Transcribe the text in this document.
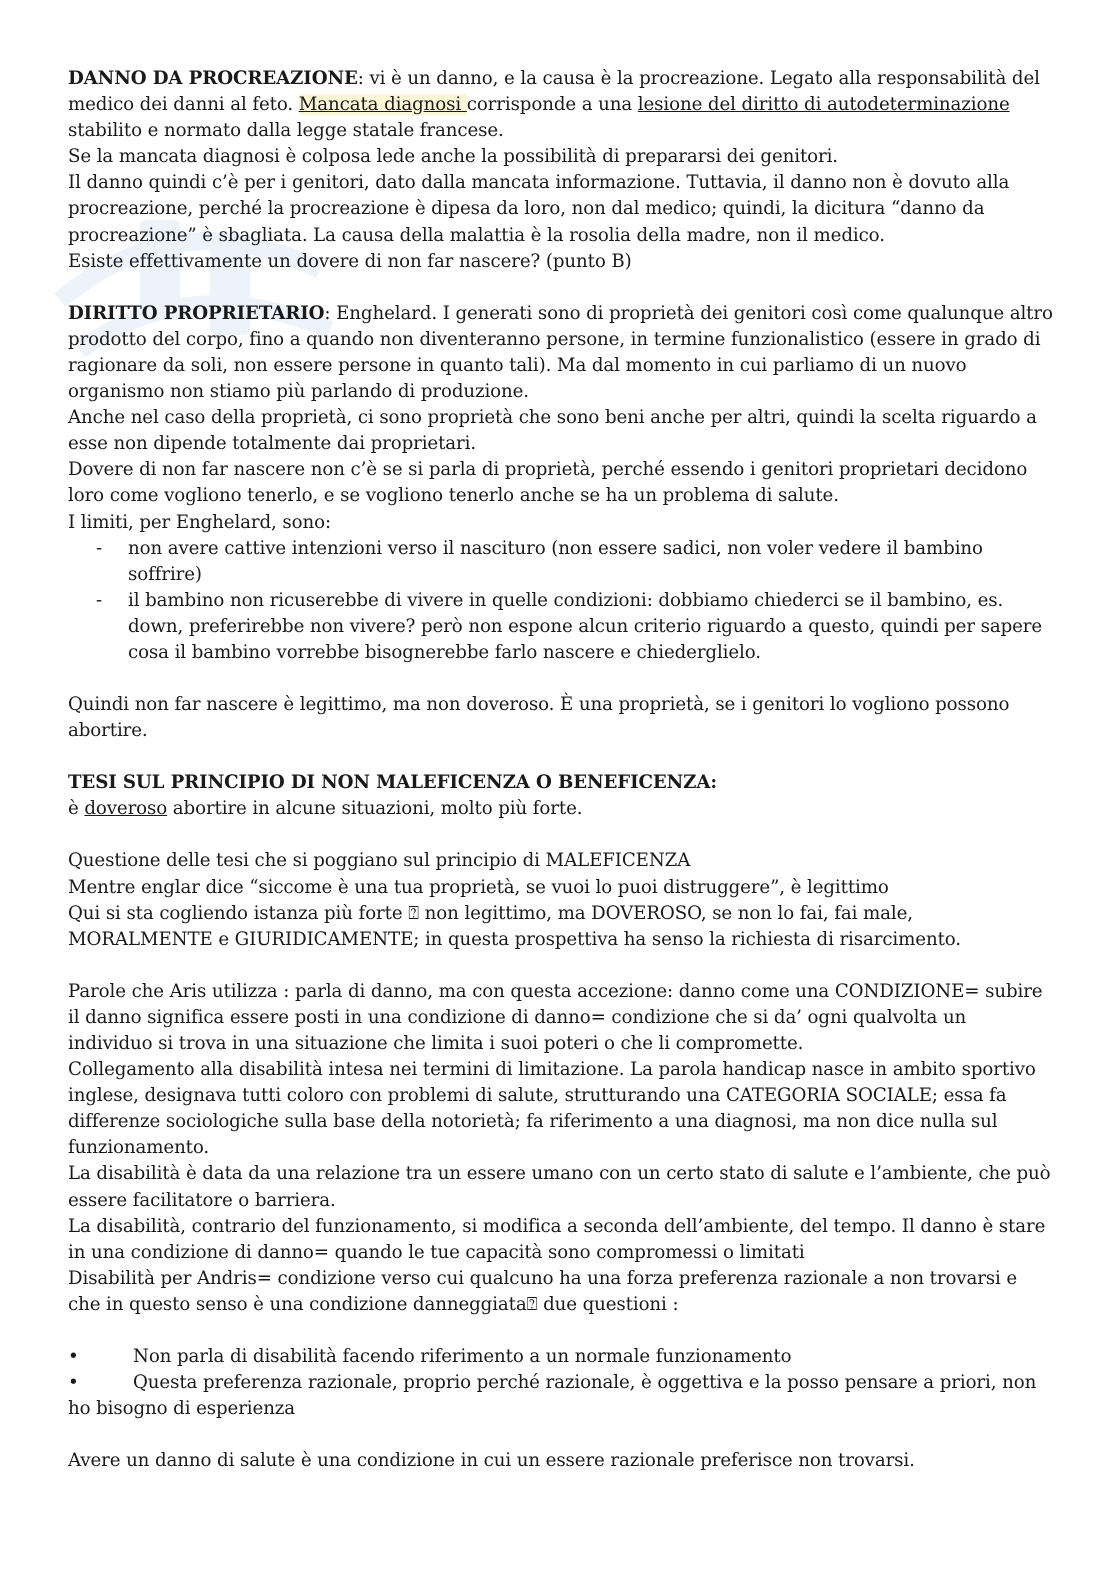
DANNO DA PROCREAZIONE: vi è un danno, e la causa è la procreazione. Legato alla responsabilità del medico dei danni al feto. Mancata diagnosi corrisponde a una lesione del diritto di autodeterminazione stabilito e normato dalla legge statale francese.

Se la mancata diagnosi è colposa lede anche la possibilità di prepararsi dei genitori.

Il danno quindi c’è per i genitori, dato dalla mancata informazione. Tuttavia, il danno non è dovuto alla procreazione, perché la procreazione è dipesa da loro, non dal medico; quindi, la dicitura “danno da procreazione” è sbagliata. La causa della malattia è la rosolia della madre, non il medico.

Esiste effettivamente un dovere di non far nascere? (punto B)

DIRITTO PROPRIETARIO: Enghelard. I generati sono di proprietà dei genitori così come qualunque altro prodotto del corpo, fino a quando non diventeranno persone, in termine funzionalistico (essere in grado di ragionare da soli, non essere persone in quanto tali). Ma dal momento in cui parliamo di un nuovo organismo non stiamo più parlando di produzione.

Anche nel caso della proprietà, ci sono proprietà che sono beni anche per altri, quindi la scelta riguardo a esse non dipende totalmente dai proprietari.

Dovere di non far nascere non c’è se si parla di proprietà, perché essendo i genitori proprietari decidono loro come vogliono tenerlo, e se vogliono tenerlo anche se ha un problema di salute.

I limiti, per Enghelard, sono:

- non avere cattive intenzioni verso il nascituro (non essere sadici, non voler vedere il bambino soffrire)
- il bambino non ricuserebbe di vivere in quelle condizioni: dobbiamo chiederci se il bambino, es. down, preferirebbe non vivere? però non espone alcun criterio riguardo a questo, quindi per sapere cosa il bambino vorrebbe bisognerebbe farlo nascere e chiederglielo.

Quindi non far nascere è legittimo, ma non doveroso. È una proprietà, se i genitori lo vogliono possono abortire.

TESI SUL PRINCIPIO DI NON MALEFICENZA O BENEFICENZA:

è doveroso abortire in alcune situazioni, molto più forte.

Questione delle tesi che si poggiano sul principio di MALEFICENZA

Mentre englar dice “siccome è una tua proprietà, se vuoi lo puoi distruggere”, è legittimo

Qui si sta cogliendo istanza più forte ⍰ non legittimo, ma DOVEROSO, se non lo fai, fai male, MORALMENTE e GIURIDICAMENTE; in questa prospettiva ha senso la richiesta di risarcimento.

Parole che Aris utilizza : parla di danno, ma con questa accezione: danno come una CONDIZIONE= subire il danno significa essere posti in una condizione di danno= condizione che si da’ ogni qualvolta un individuo si trova in una situazione che limita i suoi poteri o che li compromette.

Collegamento alla disabilità intesa nei termini di limitazione. La parola handicap nasce in ambito sportivo inglese, designava tutti coloro con problemi di salute, strutturando una CATEGORIA SOCIALE; essa fa differenze sociologiche sulla base della notorietà; fa riferimento a una diagnosi, ma non dice nulla sul funzionamento.

La disabilità è data da una relazione tra un essere umano con un certo stato di salute e l’ambiente, che può essere facilitatore o barriera.

La disabilità, contrario del funzionamento, si modifica a seconda dell’ambiente, del tempo. Il danno è stare in una condizione di danno= quando le tue capacità sono compromessi o limitati

Disabilità per Andris= condizione verso cui qualcuno ha una forza preferenza razionale a non trovarsi e che in questo senso è una condizione danneggiata⍰ due questioni :

•	Non parla di disabilità facendo riferimento a un normale funzionamento
•	Questa preferenza razionale, proprio perché razionale, è oggettiva e la posso pensare a priori, non ho bisogno di esperienza

Avere un danno di salute è una condizione in cui un essere razionale preferisce non trovarsi.
